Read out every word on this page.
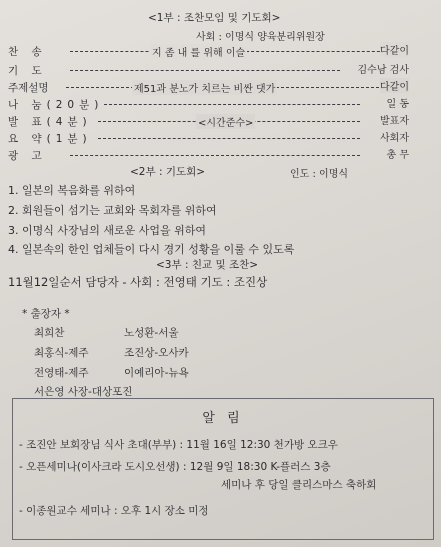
<1부 : 조찬모임 및 기도회>
사회 : 이명식 양육분리위원장
찬 송	지 좀 내 를 위해 이슬	다같이
기 도	김수남 검사
주제설명	제51과 분노가 치르는 비싼 댓가	다같이
나 눔(20분)	일 동
발 표(4분)	<시간준수>	발표자
요 약(1분)	사회자
광 고	총 무
<2부 : 기도회>	인도 : 이명식
1. 일본의 복음화를 위하여
2. 회원들이 섬기는 교회와 목회자를 위하여
3. 이명식 사장님의 새로운 사업을 위하여
4. 일본속의 한인 업체들이 다시 경기 성황을 이룰 수 있도록
<3부 : 친교 및 조찬>
11월12일순서 담당자 - 사회 : 전영태 기도 : 조진상
* 출장자 *
최희찬	노성환-서울
최홍식-제주	조진상-오사카
전영태-제주	이예리아-뉴욕
서은영 사장-대상포진
알 림
- 조진안 보회장님 식사 초대(부부) : 11월 16일 12:30 천가방 오크우
- 오픈세미나(이사크라 도시오선생) : 12월 9일 18:30 K-플러스 3층
세미나 후 당일 클리스마스 축하회
- 이종원교수 세미나 : 오후 1시 장소 미정
